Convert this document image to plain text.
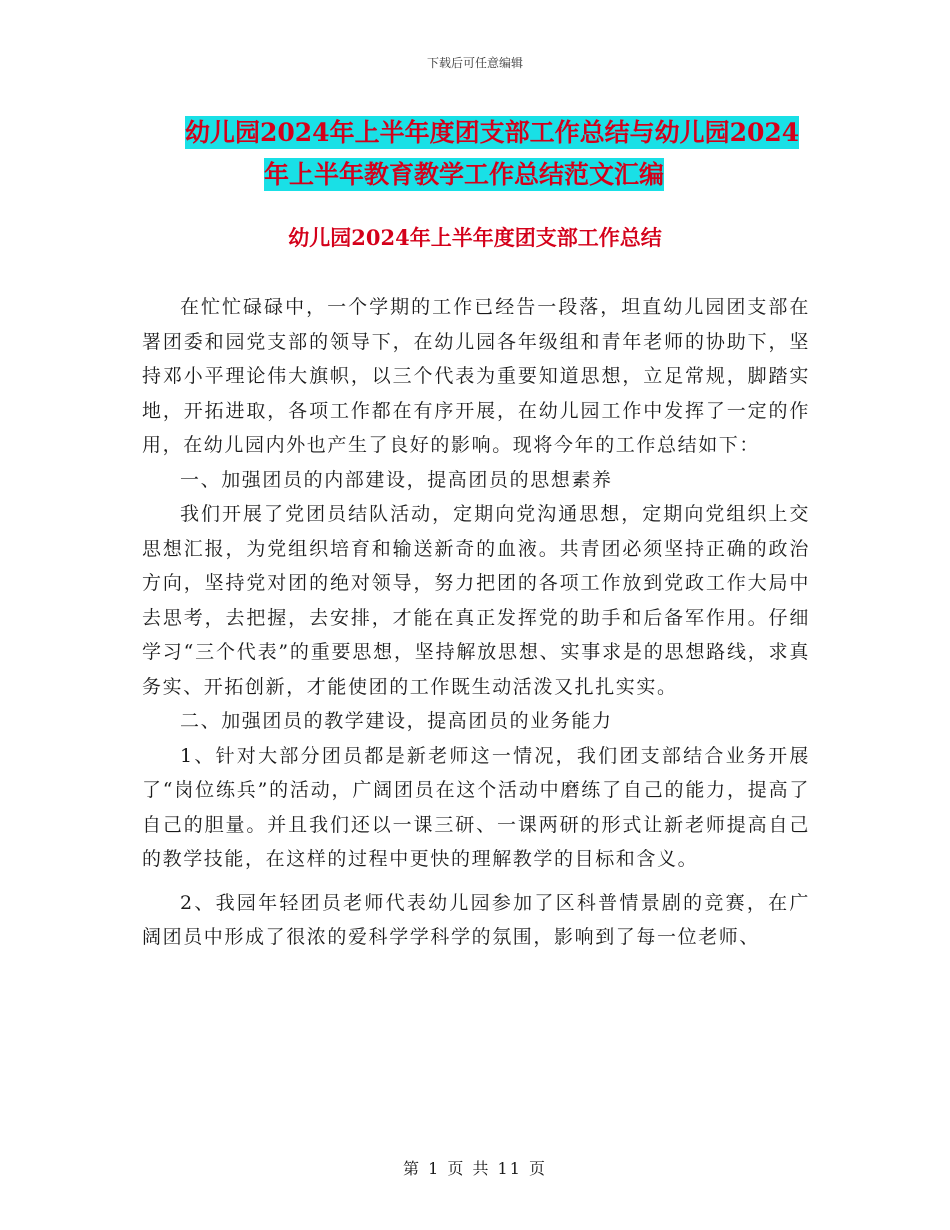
下载后可任意编辑
幼儿园2024年上半年度团支部工作总结与幼儿园2024
年上半年教育教学工作总结范文汇编
幼儿园2024年上半年度团支部工作总结

在忙忙碌碌中，一个学期的工作已经告一段落，坦直幼儿园团支部在署团委和园党支部的领导下，在幼儿园各年级组和青年老师的协助下，坚持邓小平理论伟大旗帜，以三个代表为重要知道思想，立足常规，脚踏实地，开拓进取，各项工作都在有序开展，在幼儿园工作中发挥了一定的作用，在幼儿园内外也产生了良好的影响。现将今年的工作总结如下：

一、加强团员的内部建设，提高团员的思想素养

我们开展了党团员结队活动，定期向党沟通思想，定期向党组织上交思想汇报，为党组织培育和输送新奇的血液。共青团必须坚持正确的政治方向，坚持党对团的绝对领导，努力把团的各项工作放到党政工作大局中去思考，去把握，去安排，才能在真正发挥党的助手和后备军作用。仔细学习“三个代表”的重要思想，坚持解放思想、实事求是的思想路线，求真务实、开拓创新，才能使团的工作既生动活泼又扎扎实实。

二、加强团员的教学建设，提高团员的业务能力

1、针对大部分团员都是新老师这一情况，我们团支部结合业务开展了“岗位练兵”的活动，广阔团员在这个活动中磨练了自己的能力，提高了自己的胆量。并且我们还以一课三研、一课两研的形式让新老师提高自己的教学技能，在这样的过程中更快的理解教学的目标和含义。

2、我园年轻团员老师代表幼儿园参加了区科普情景剧的竞赛，在广阔团员中形成了很浓的爱科学学科学的氛围，影响到了每一位老师、

第 1 页 共 11 页
